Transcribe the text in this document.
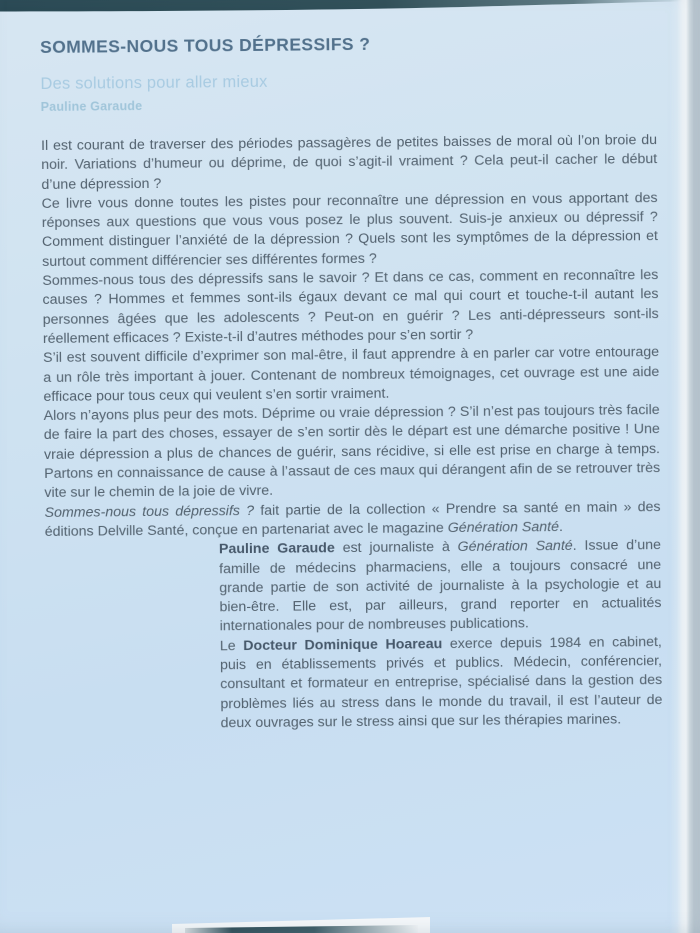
SOMMES-NOUS TOUS DÉPRESSIFS ?
Des solutions pour aller mieux
Pauline Garaude

Il est courant de traverser des périodes passagères de petites baisses de moral où l’on broie du noir. Variations d’humeur ou déprime, de quoi s’agit-il vraiment ? Cela peut-il cacher le début d’une dépression ?

Ce livre vous donne toutes les pistes pour reconnaître une dépression en vous apportant des réponses aux questions que vous vous posez le plus souvent. Suis-je anxieux ou dépressif ? Comment distinguer l’anxiété de la dépression ? Quels sont les symptômes de la dépression et surtout comment différencier ses différentes formes ?

Sommes-nous tous des dépressifs sans le savoir ? Et dans ce cas, comment en reconnaître les causes ? Hommes et femmes sont-ils égaux devant ce mal qui court et touche-t-il autant les personnes âgées que les adolescents ? Peut-on en guérir ? Les anti-dépresseurs sont-ils réellement efficaces ? Existe-t-il d’autres méthodes pour s’en sortir ?

S’il est souvent difficile d’exprimer son mal-être, il faut apprendre à en parler car votre entourage a un rôle très important à jouer. Contenant de nombreux témoignages, cet ouvrage est une aide efficace pour tous ceux qui veulent s’en sortir vraiment.

Alors n’ayons plus peur des mots. Déprime ou vraie dépression ? S’il n’est pas toujours très facile de faire la part des choses, essayer de s’en sortir dès le départ est une démarche positive ! Une vraie dépression a plus de chances de guérir, sans récidive, si elle est prise en charge à temps. Partons en connaissance de cause à l’assaut de ces maux qui dérangent afin de se retrouver très vite sur le chemin de la joie de vivre.

Sommes-nous tous dépressifs ? fait partie de la collection « Prendre sa santé en main » des éditions Delville Santé, conçue en partenariat avec le magazine Génération Santé.

Pauline Garaude est journaliste à Génération Santé. Issue d’une famille de médecins pharmaciens, elle a toujours consacré une grande partie de son activité de journaliste à la psychologie et au bien-être. Elle est, par ailleurs, grand reporter en actualités internationales pour de nombreuses publications.

Le Docteur Dominique Hoareau exerce depuis 1984 en cabinet, puis en établissements privés et publics. Médecin, conférencier, consultant et formateur en entreprise, spécialisé dans la gestion des problèmes liés au stress dans le monde du travail, il est l’auteur de deux ouvrages sur le stress ainsi que sur les thérapies marines.
